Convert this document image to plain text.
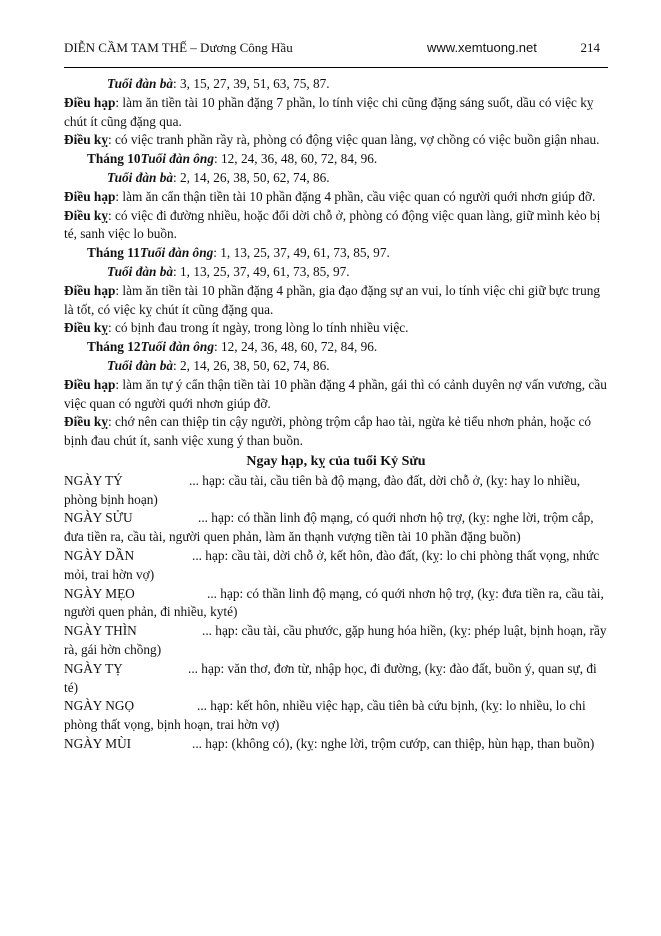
DIỄN CẦM TAM THẾ – Dương Công Hầu	www.xemtuong.net	214

Tuổi đàn bà: 3, 15, 27, 39, 51, 63, 75, 87.

Điều hạp: làm ăn tiền tài 10 phần đặng 7 phần, lo tính việc chi cũng đặng sáng suốt, dầu có việc kỵ chút ít cũng đặng qua.

Điều kỵ: có việc tranh phần rầy rà, phòng có động việc quan làng, vợ chồng có việc buồn giận nhau.

Tháng 10Tuổi đàn ông: 12, 24, 36, 48, 60, 72, 84, 96.

Tuổi đàn bà: 2, 14, 26, 38, 50, 62, 74, 86.

Điều hạp: làm ăn cẩn thận tiền tài 10 phần đặng 4 phần, cầu việc quan có người quới nhơn giúp đỡ.

Điều kỵ: có việc đi đường nhiều, hoặc đổi dời chỗ ở, phòng có động việc quan làng, giữ mình kẻo bị té, sanh việc lo buồn.

Tháng 11Tuổi đàn ông: 1, 13, 25, 37, 49, 61, 73, 85, 97.

Tuổi đàn bà: 1, 13, 25, 37, 49, 61, 73, 85, 97.

Điều hạp: làm ăn tiền tài 10 phần đặng 4 phần, gia đạo đặng sự an vui, lo tính việc chi giữ bực trung là tốt, có việc kỵ chút ít cũng đặng qua.

Điều kỵ: có bịnh đau trong ít ngày, trong lòng lo tính nhiều việc.

Tháng 12Tuổi đàn ông: 12, 24, 36, 48, 60, 72, 84, 96.

Tuổi đàn bà: 2, 14, 26, 38, 50, 62, 74, 86.

Điều hạp: làm ăn tự ý cẩn thận tiền tài 10 phần đặng 4 phần, gái thì có cảnh duyên nợ vấn vương, cầu việc quan có người quới nhơn giúp đỡ.

Điều kỵ: chớ nên can thiệp tin cậy người, phòng trộm cắp hao tài, ngừa kẻ tiểu nhơn phản, hoặc có bịnh đau chút ít, sanh việc xung ý than buồn.

Ngay hạp, kỵ của tuổi Kỷ Sửu

NGÀY TÝ	... hạp: cầu tài, cầu tiên bà độ mạng, đào đất, dời chỗ ở, (kỵ: hay lo nhiều, phòng bịnh hoạn)

NGÀY SỬU	... hạp: có thần linh độ mạng, có quới nhơn hộ trợ, (kỵ: nghe lời, trộm cắp, đưa tiền ra, cầu tài, người quen phản, làm ăn thạnh vượng tiền tài 10 phần đặng buồn)

NGÀY DẦN	... hạp: cầu tài, dời chỗ ở, kết hôn, đào đất, (kỵ: lo chi phòng thất vọng, nhức mỏi, trai hờn vợ)

NGÀY MẸO	... hạp: có thần linh độ mạng, có quới nhơn hộ trợ, (kỵ: đưa tiền ra, cầu tài, người quen phản, đi nhiều, kyté)

NGÀY THÌN	... hạp: cầu tài, cầu phước, gặp hung hóa hiền, (kỵ: phép luật, bịnh hoạn, rầy rà, gái hờn chồng)

NGÀY TỴ	... hạp: văn thơ, đơn từ, nhập học, đi đường, (kỵ: đào đất, buồn ý, quan sự, đi té)

NGÀY NGỌ	... hạp: kết hôn, nhiều việc hạp, cầu tiên bà cứu bịnh, (kỵ: lo nhiều, lo chi phòng thất vọng, bịnh hoạn, trai hờn vợ)

NGÀY MÙI	... hạp: (không có), (kỵ: nghe lời, trộm cướp, can thiệp, hùn hạp, than buồn)
